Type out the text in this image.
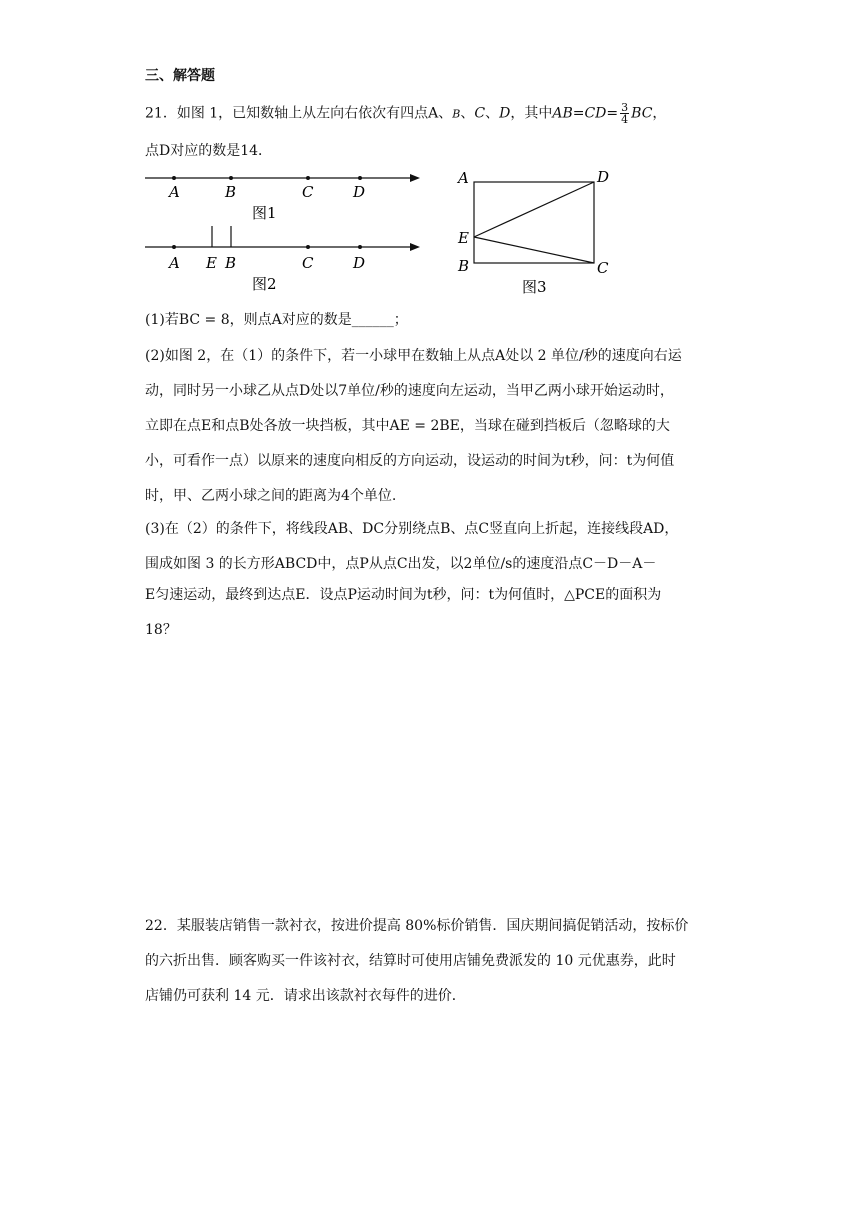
三、解答题
21．如图 1，已知数轴上从左向右依次有四点A、B、C、D，其中$AB=CD= \frac{3}{4}$ BC，
点D对应的数是14．
A	B	C	D
图1
A E B	C	D
图2
A	D
E
B	C
图3
(1)若BC = 8，则点A对应的数是______；
(2)如图 2，在（1）的条件下，若一小球甲在数轴上从点A处以 2 单位/秒的速度向右运
动，同时另一小球乙从点D处以7单位/秒的速度向左运动，当甲乙两小球开始运动时，
立即在点E和点B处各放一块挡板，其中AE = 2BE，当球在碰到挡板后（忽略球的大
小，可看作一点）以原来的速度向相反的方向运动，设运动的时间为t秒，问：t为何值
时，甲、乙两小球之间的距离为4个单位.
(3)在（2）的条件下，将线段AB、DC分别绕点B、点C竖直向上折起，连接线段AD，
围成如图 3 的长方形ABCD中，点P从点C出发，以2单位/s的速度沿点C－D－A－
E匀速运动，最终到达点E．设点P运动时间为t秒，问：t为何值时，△PCE的面积为
18？
22．某服装店销售一款衬衣，按进价提高 80%标价销售．国庆期间搞促销活动，按标价
的六折出售．顾客购买一件该衬衣，结算时可使用店铺免费派发的 10 元优惠券，此时
店铺仍可获利 14 元．请求出该款衬衣每件的进价．
